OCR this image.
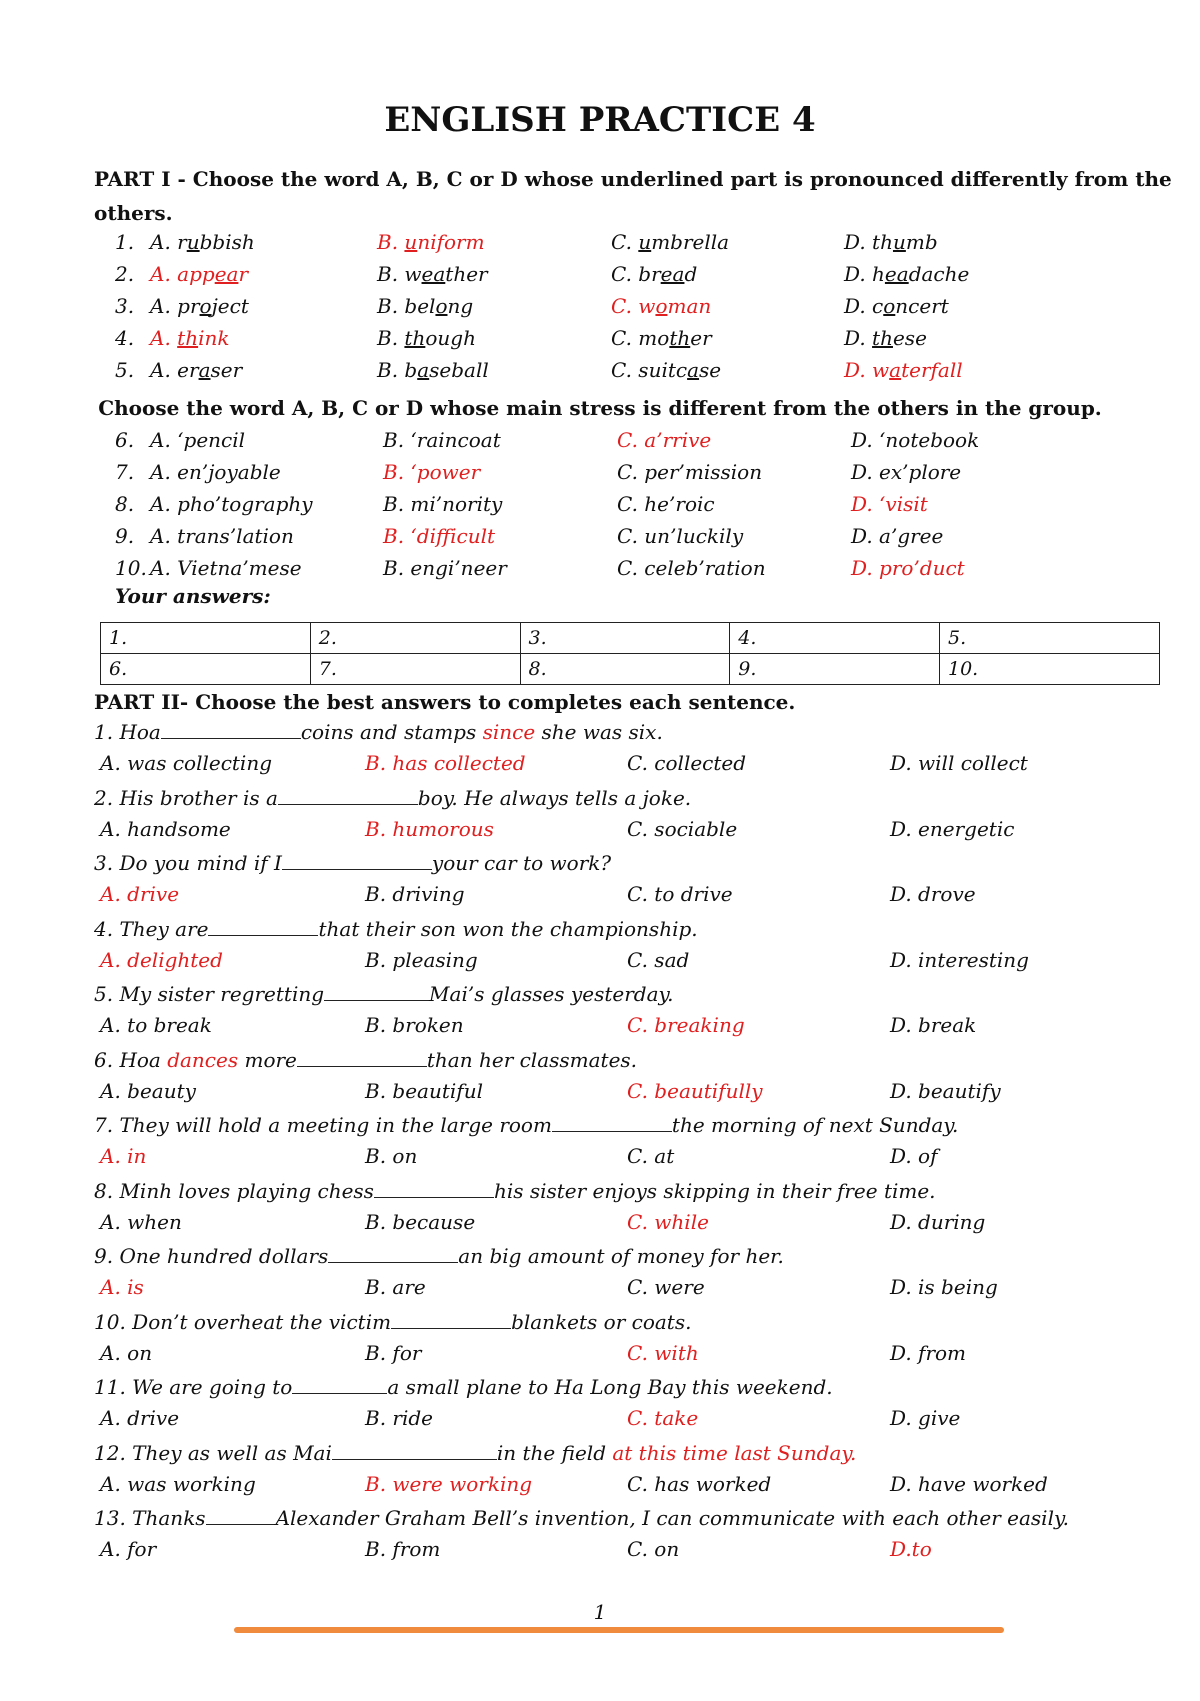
ENGLISH PRACTICE 4
PART I - Choose the word A, B, C or D whose underlined part is pronounced differently from the others.
1. A. rubbish	B. uniform	C. umbrella	D. thumb
2. A. appear	B. weather	C. bread	D. headache
3. A. project	B. belong	C. woman	D. concert
4. A. think	B. though	C. mother	D. these
5. A. eraser	B. baseball	C. suitcase	D. waterfall
Choose the word A, B, C or D whose main stress is different from the others in the group.
6. A. ‘pencil	B. ‘raincoat	C. a’rrive	D. ‘notebook
7. A. en’joyable	B. ‘power	C. per’mission	D. ex’plore
8. A. pho’tography	B. mi’nority	C. he’roic	D. ‘visit
9. A. trans’lation	B. ‘difficult	C. un’luckily	D. a’gree
10. A. Vietna’mese	B. engi’neer	C. celeb’ration	D. pro’duct
Your answers:
1.	2.	3.	4.	5.
6.	7.	8.	9.	10.
PART II- Choose the best answers to completes each sentence.
1. Hoa	coins and stamps since she was six.
A. was collecting	B. has collected	C. collected	D. will collect
2. His brother is a	boy. He always tells a joke.
A. handsome	B. humorous	C. sociable	D. energetic
3. Do you mind if I	your car to work?
A. drive	B. driving	C. to drive	D. drove
4. They are	that their son won the championship.
A. delighted	B. pleasing	C. sad	D. interesting
5. My sister regretting	Mai’s glasses yesterday.
A. to break	B. broken	C. breaking	D. break
6. Hoa dances more	than her classmates.
A. beauty	B. beautiful	C. beautifully	D. beautify
7. They will hold a meeting in the large room	the morning of next Sunday.
A. in	B. on	C. at	D. of
8. Minh loves playing chess	his sister enjoys skipping in their free time.
A. when	B. because	C. while	D. during
9. One hundred dollars	an big amount of money for her.
A. is	B. are	C. were	D. is being
10. Don’t overheat the victim	blankets or coats.
A. on	B. for	C. with	D. from
11. We are going to	a small plane to Ha Long Bay this weekend.
A. drive	B. ride	C. take	D. give
12. They as well as Mai	in the field at this time last Sunday.
A. was working	B. were working	C. has worked	D. have worked
13. Thanks	Alexander Graham Bell’s invention, I can communicate with each other easily.
A. for	B. from	C. on	D.to
1
